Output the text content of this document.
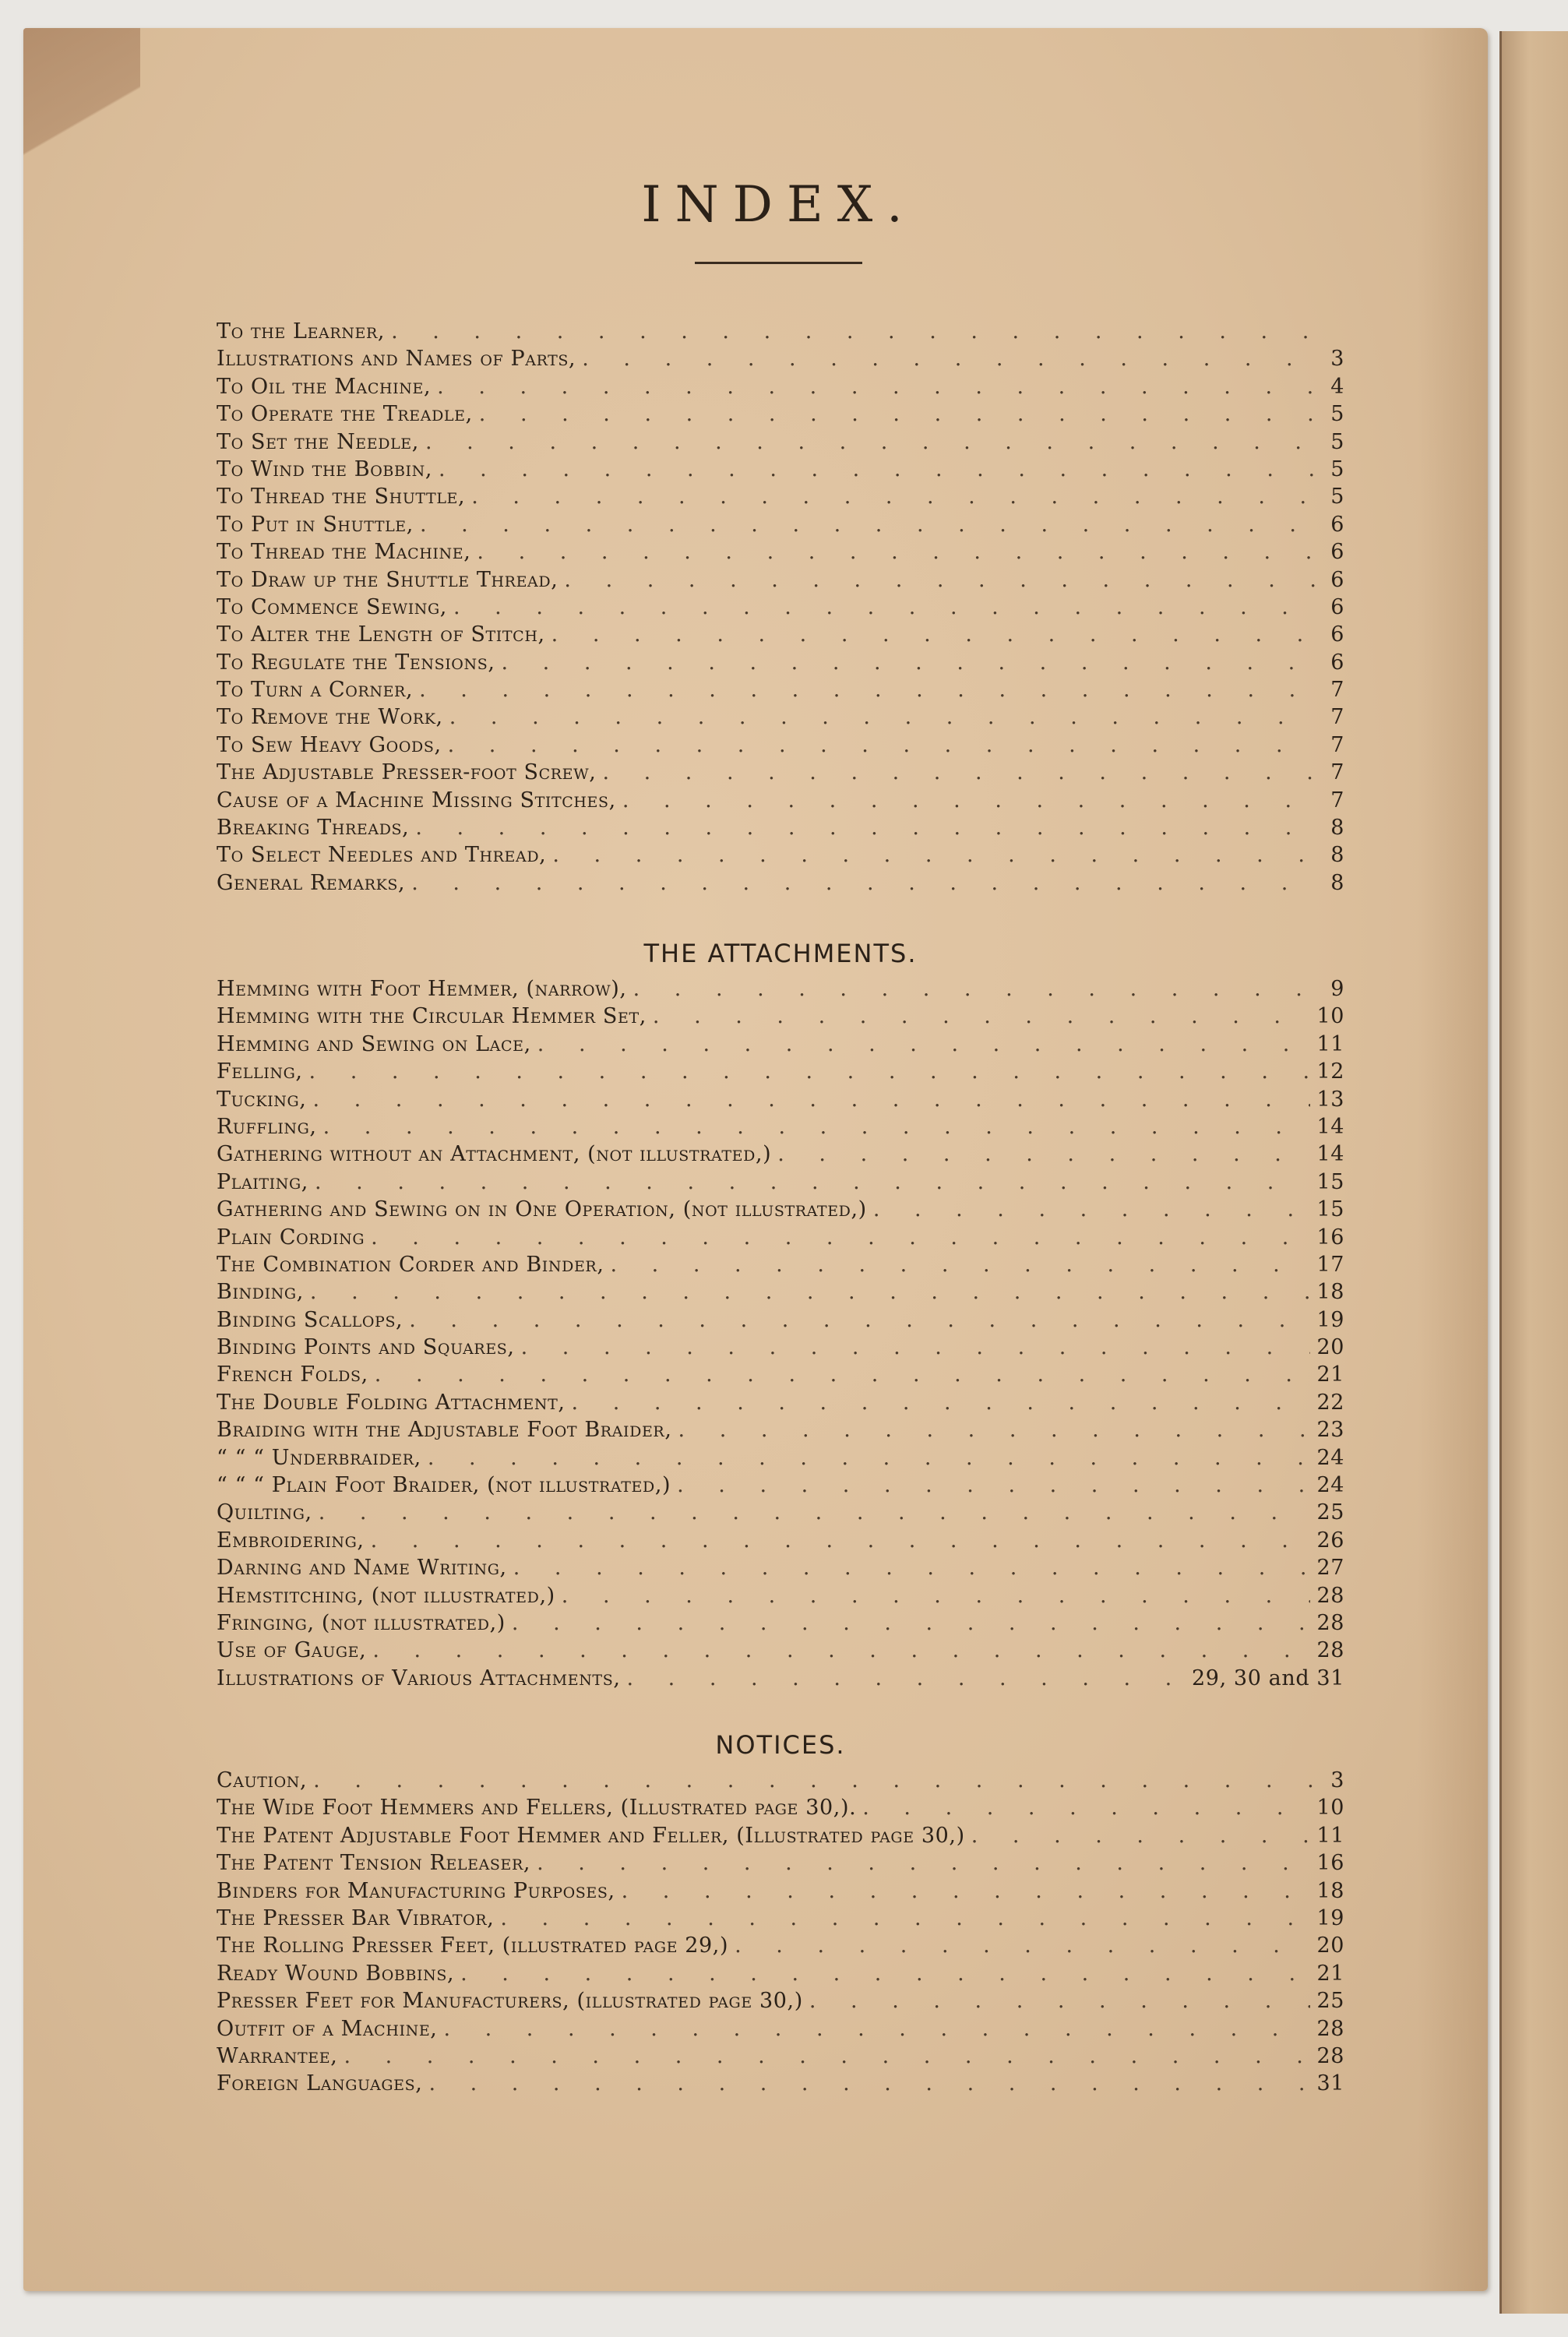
INDEX.
To the Learner,
. . .
Illustrations and Names of Parts, . . .	3
To Oil the Machine, . . .	4
To Operate the Treadle, . . .	5
To Set the Needle, . . .	5
To Wind the Bobbin, . . .	5
To Thread the Shuttle, . . .	5
To Put in Shuttle, . . .	6
To Thread the Machine, . . .	6
To Draw up the Shuttle Thread, . . .	6
To Commence Sewing, . . .	6
To Alter the Length of Stitch, . . .	6
To Regulate the Tensions, . . .	6
To Turn a Corner, . . .	7
To Remove the Work, . . .	7
To Sew Heavy Goods, . . .	7
The Adjustable Presser-foot Screw, . . .	7
Cause of a Machine Missing Stitches, . . .	7
Breaking Threads, . . .	8
To Select Needles and Thread, . . .	8
General Remarks, . . .	8
THE ATTACHMENTS.
Hemming with Foot Hemmer, (narrow), . . .	9
Hemming with the Circular Hemmer Set, . . .	10
Hemming and Sewing on Lace, . . .	11
Felling, . . .	12
Tucking, . . .	13
Ruffling, . . .	14
Gathering without an Attachment, (not illustrated,) . . .	14
Plaiting, . . .	15
Gathering and Sewing on in One Operation, (not illustrated,) . . .	15
Plain Cording . . .	16
The Combination Corder and Binder, . . .	17
Binding, . . .	18
Binding Scallops, . . .	19
Binding Points and Squares, . . .	20
French Folds, . . .	21
The Double Folding Attachment, . . .	22
Braiding with the Adjustable Foot Braider, . . .	23
“ “ “ Underbraider, . . .	24
“ “ “ Plain Foot Braider, (not illustrated,) . . .	24
Quilting, . . .	25
Embroidering, . . .	26
Darning and Name Writing, . . .	27
Hemstitching, (not illustrated,) . . .	28
Fringing, (not illustrated,) . . .	28
Use of Gauge, . . .	28
Illustrations of Various Attachments, . . .	29, 30 and 31
NOTICES.
Caution, . . .	3
The Wide Foot Hemmers and Fellers, (Illustrated page 30,). . . .	10
The Patent Adjustable Foot Hemmer and Feller, (Illustrated page 30,) . . .	11
The Patent Tension Releaser, . . .	16
Binders for Manufacturing Purposes, . . .	18
The Presser Bar Vibrator, . . .	19
The Rolling Presser Feet, (illustrated page 29,) . . .	20
Ready Wound Bobbins, . . .	21
Presser Feet for Manufacturers, (illustrated page 30,) . . .	25
Outfit of a Machine, . . .	28
Warrantee, . . .	28
Foreign Languages, . . .	31
